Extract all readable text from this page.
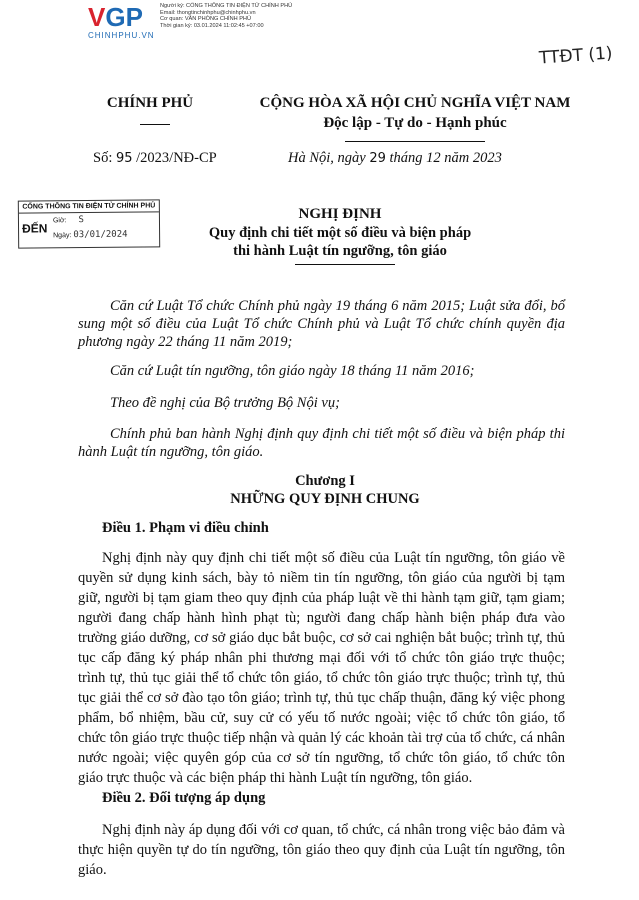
VGP
CHINHPHU.VN
Người ký: CỔNG THÔNG TIN ĐIỆN TỬ CHÍNH PHỦ
Email: thongtinchinhphu@chinhphu.vn
Cơ quan: VĂN PHÒNG CHÍNH PHỦ
Thời gian ký: 03.01.2024 11:02:45 +07:00
TTĐT (1)
CHÍNH PHỦ	CỘNG HÒA XÃ HỘI CHỦ NGHĨA VIỆT NAM
Độc lập - Tự do - Hạnh phúc
Số: 95 /2023/NĐ-CP	Hà Nội, ngày 29 tháng 12 năm 2023
CỔNG THÔNG TIN ĐIỆN TỬ CHÍNH PHỦ
ĐẾN
Giờ: S
Ngày: 03/01/2024
NGHỊ ĐỊNH
Quy định chi tiết một số điều và biện pháp
thi hành Luật tín ngưỡng, tôn giáo
Căn cứ Luật Tổ chức Chính phủ ngày 19 tháng 6 năm 2015; Luật sửa đổi, bổ sung một số điều của Luật Tổ chức Chính phủ và Luật Tổ chức chính quyền địa phương ngày 22 tháng 11 năm 2019;
Căn cứ Luật tín ngưỡng, tôn giáo ngày 18 tháng 11 năm 2016;
Theo đề nghị của Bộ trưởng Bộ Nội vụ;
Chính phủ ban hành Nghị định quy định chi tiết một số điều và biện pháp thi hành Luật tín ngưỡng, tôn giáo.
Chương I
NHỮNG QUY ĐỊNH CHUNG
Điều 1. Phạm vi điều chỉnh
Nghị định này quy định chi tiết một số điều của Luật tín ngưỡng, tôn giáo về quyền sử dụng kinh sách, bày tỏ niềm tin tín ngưỡng, tôn giáo của người bị tạm giữ, người bị tạm giam theo quy định của pháp luật về thi hành tạm giữ, tạm giam; người đang chấp hành hình phạt tù; người đang chấp hành biện pháp đưa vào trường giáo dưỡng, cơ sở giáo dục bắt buộc, cơ sở cai nghiện bắt buộc; trình tự, thủ tục cấp đăng ký pháp nhân phi thương mại đối với tổ chức tôn giáo trực thuộc; trình tự, thủ tục giải thể tổ chức tôn giáo, tổ chức tôn giáo trực thuộc; trình tự, thủ tục giải thể cơ sở đào tạo tôn giáo; trình tự, thủ tục chấp thuận, đăng ký việc phong phẩm, bổ nhiệm, bầu cử, suy cử có yếu tố nước ngoài; việc tổ chức tôn giáo, tổ chức tôn giáo trực thuộc tiếp nhận và quản lý các khoản tài trợ của tổ chức, cá nhân nước ngoài; việc quyên góp của cơ sở tín ngưỡng, tổ chức tôn giáo, tổ chức tôn giáo trực thuộc và các biện pháp thi hành Luật tín ngưỡng, tôn giáo.
Điều 2. Đối tượng áp dụng
Nghị định này áp dụng đối với cơ quan, tổ chức, cá nhân trong việc bảo đảm và thực hiện quyền tự do tín ngưỡng, tôn giáo theo quy định của Luật tín ngưỡng, tôn giáo.
